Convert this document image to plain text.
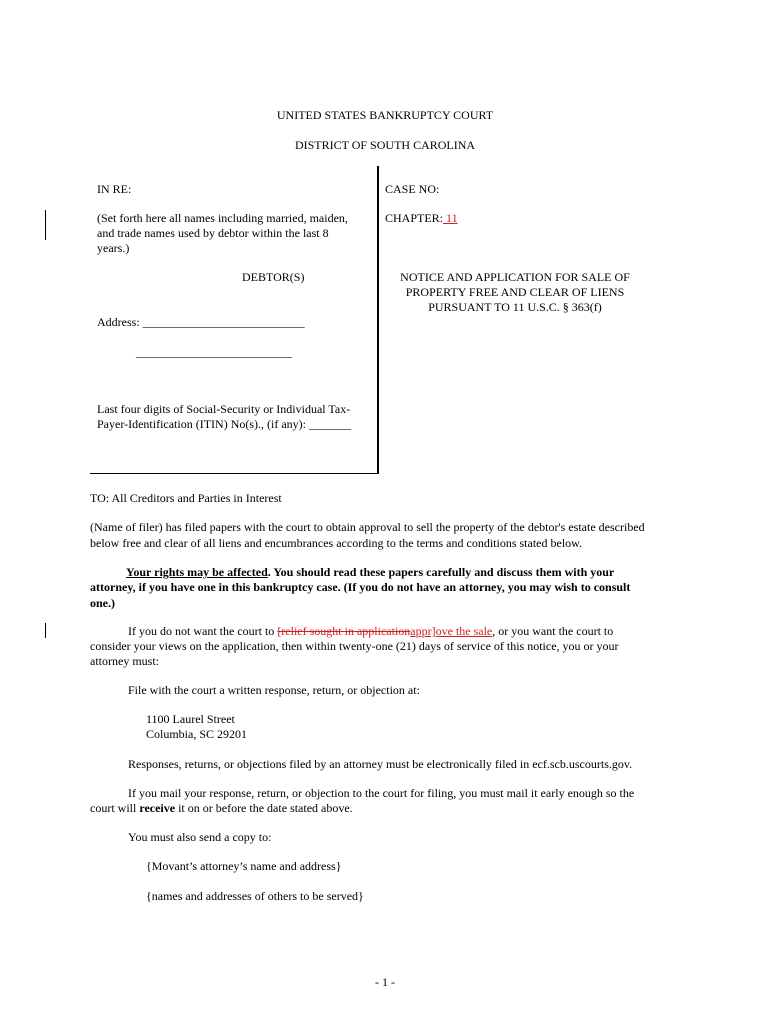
UNITED STATES BANKRUPTCY COURT
DISTRICT OF SOUTH CAROLINA
IN RE:
(Set forth here all names including married, maiden,
and trade names used by debtor within the last 8
years.)
DEBTOR(S)
Address: ___________________________
__________________________
Last four digits of Social-Security or Individual Tax-
Payer-Identification (ITIN) No(s)., (if any): _______
CASE NO:
CHAPTER: 11
NOTICE AND APPLICATION FOR SALE OF
PROPERTY FREE AND CLEAR OF LIENS
PURSUANT TO 11 U.S.C. § 363(f)
TO: All Creditors and Parties in Interest
(Name of filer) has filed papers with the court to obtain approval to sell the property of the debtor's estate described
below free and clear of all liens and encumbrances according to the terms and conditions stated below.
Your rights may be affected. You should read these papers carefully and discuss them with your
attorney, if you have one in this bankruptcy case. (If you do not have an attorney, you may wish to consult
one.)
If you do not want the court to [relief sought in applicationappr]ove the sale, or you want the court to
consider your views on the application, then within twenty-one (21) days of service of this notice, you or your
attorney must:
File with the court a written response, return, or objection at:
1100 Laurel Street
Columbia, SC 29201
Responses, returns, or objections filed by an attorney must be electronically filed in ecf.scb.uscourts.gov.
If you mail your response, return, or objection to the court for filing, you must mail it early enough so the
court will receive it on or before the date stated above.
You must also send a copy to:
{Movant’s attorney’s name and address}
{names and addresses of others to be served}
- 1 -
